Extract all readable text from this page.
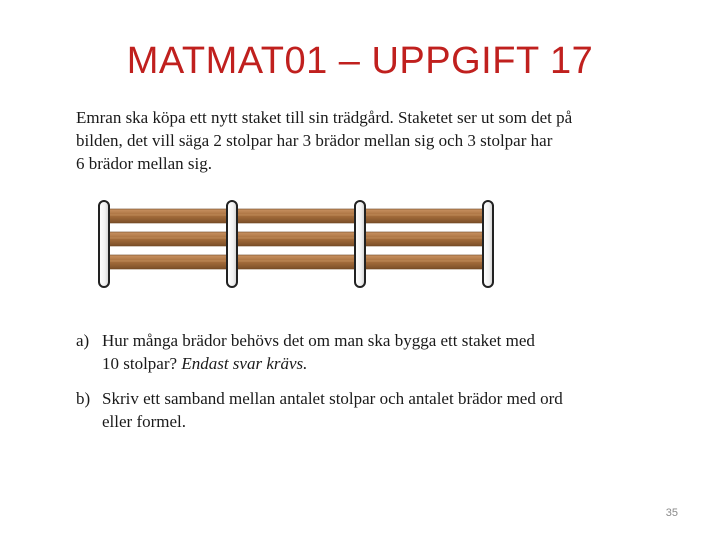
MATMAT01 – UPPGIFT 17
Emran ska köpa ett nytt staket till sin trädgård. Staketet ser ut som det på
bilden, det vill säga 2 stolpar har 3 brädor mellan sig och 3 stolpar har
6 brädor mellan sig.
a) Hur många brädor behövs det om man ska bygga ett staket med
10 stolpar? Endast svar krävs.
b) Skriv ett samband mellan antalet stolpar och antalet brädor med ord
eller formel.
35
